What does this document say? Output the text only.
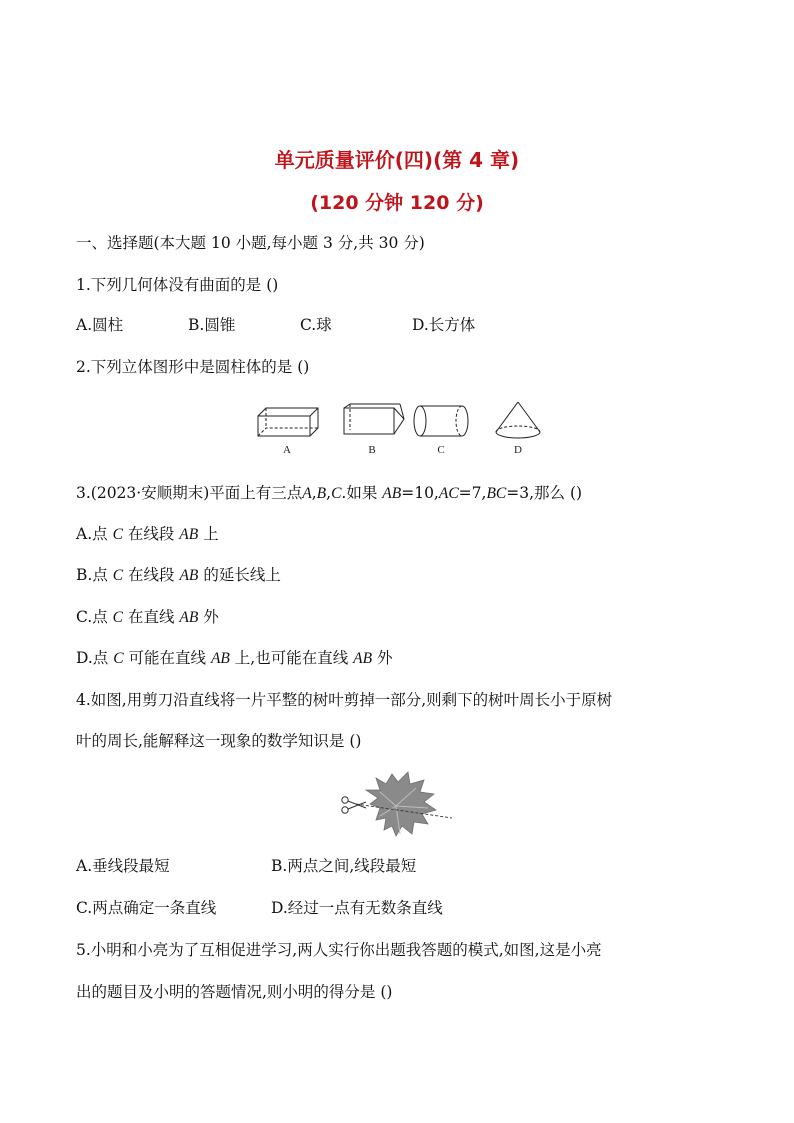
单元质量评价(四)(第 4 章)
(120 分钟 120 分)
一、选择题(本大题 10 小题,每小题 3 分,共 30 分)
1.下列几何体没有曲面的是 ()
A.圆柱	B.圆锥	C.球	D.长方体
2.下列立体图形中是圆柱体的是 ()
A	B	C	D
3.(2023·安顺期末)平面上有三点A,B,C.如果 AB=10,AC=7,BC=3,那么 ()
A.点 C 在线段 AB 上
B.点 C 在线段 AB 的延长线上
C.点 C 在直线 AB 外
D.点 C 可能在直线 AB 上,也可能在直线 AB 外
4.如图,用剪刀沿直线将一片平整的树叶剪掉一部分,则剩下的树叶周长小于原树
叶的周长,能解释这一现象的数学知识是 ()
A.垂线段最短	B.两点之间,线段最短
C.两点确定一条直线	D.经过一点有无数条直线
5.小明和小亮为了互相促进学习,两人实行你出题我答题的模式,如图,这是小亮
出的题目及小明的答题情况,则小明的得分是 ()
